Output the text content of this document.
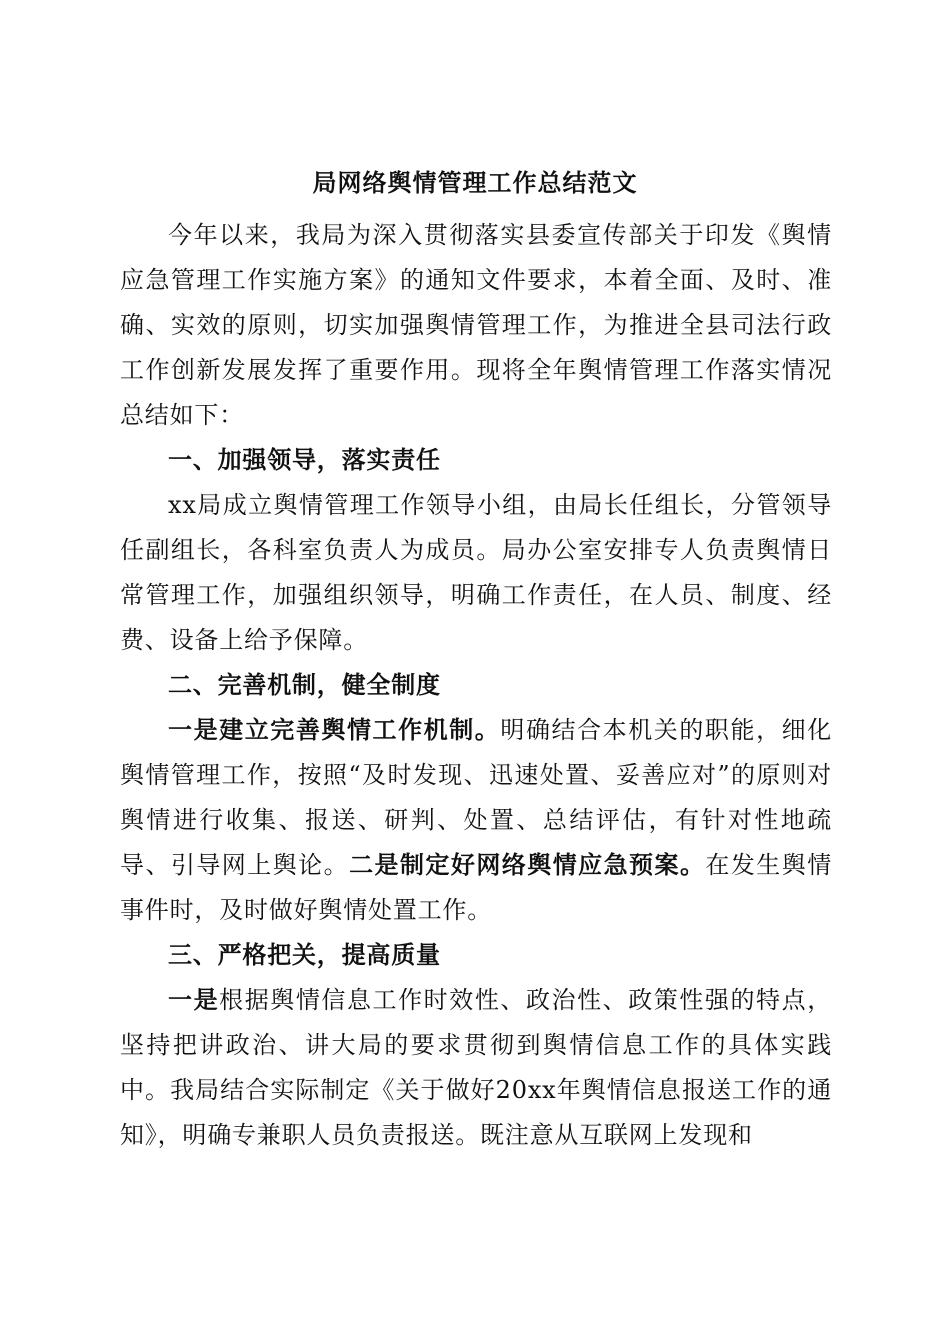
局网络舆情管理工作总结范文

今年以来，我局为深入贯彻落实县委宣传部关于印发《舆情应急管理工作实施方案》的通知文件要求，本着全面、及时、准确、实效的原则，切实加强舆情管理工作，为推进全县司法行政工作创新发展发挥了重要作用。现将全年舆情管理工作落实情况总结如下：

一、加强领导，落实责任

xx局成立舆情管理工作领导小组，由局长任组长，分管领导任副组长，各科室负责人为成员。局办公室安排专人负责舆情日常管理工作，加强组织领导，明确工作责任，在人员、制度、经费、设备上给予保障。

二、完善机制，健全制度

一是建立完善舆情工作机制。明确结合本机关的职能，细化舆情管理工作，按照“及时发现、迅速处置、妥善应对”的原则对舆情进行收集、报送、研判、处置、总结评估，有针对性地疏导、引导网上舆论。二是制定好网络舆情应急预案。在发生舆情事件时，及时做好舆情处置工作。

三、严格把关，提高质量

一是根据舆情信息工作时效性、政治性、政策性强的特点，坚持把讲政治、讲大局的要求贯彻到舆情信息工作的具体实践中。我局结合实际制定《关于做好20xx年舆情信息报送工作的通知》，明确专兼职人员负责报送。既注意从互联网上发现和
